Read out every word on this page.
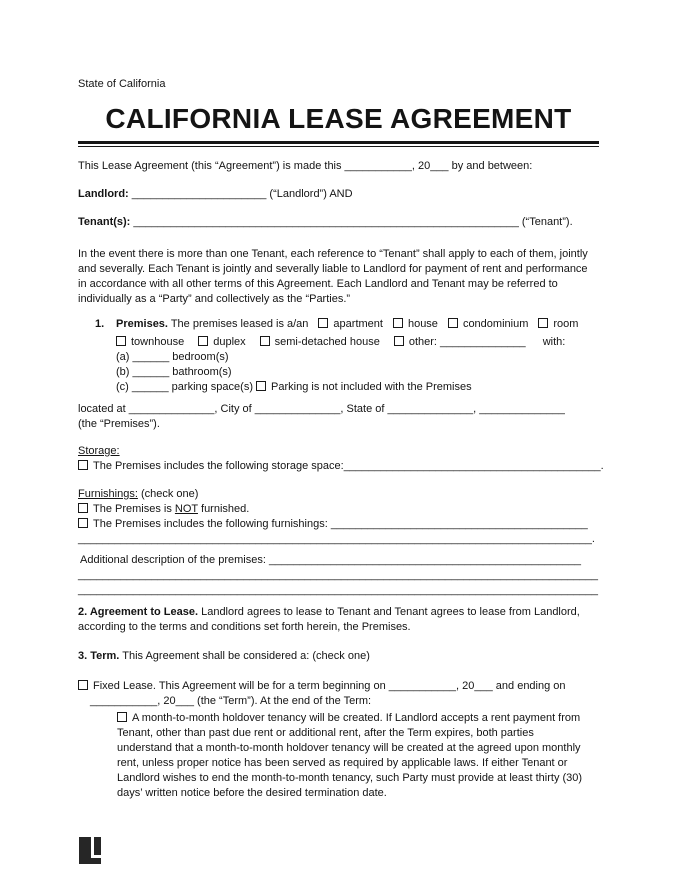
State of California
CALIFORNIA LEASE AGREEMENT
This Lease Agreement (this “Agreement”) is made this ___________, 20___ by and between:
Landlord: ______________________ (“Landlord”) AND
Tenant(s): _______________________________________________________________ (“Tenant”).
In the event there is more than one Tenant, each reference to “Tenant” shall apply to each of them, jointly and severally. Each Tenant is jointly and severally liable to Landlord for payment of rent and performance in accordance with all other terms of this Agreement. Each Landlord and Tenant may be referred to individually as a “Party” and collectively as the “Parties.”
1.	Premises. The premises leased is a/an apartment house condominium room
townhouse	duplex	semi-detached house	other: ______________ with:
(a) ______ bedroom(s)
(b) ______ bathroom(s)
(c) ______ parking space(s) Parking is not included with the Premises
located at ______________, City of ______________, State of ______________, ______________
(the “Premises”).
Storage:
The Premises includes the following storage space:__________________________________________.
Furnishings: (check one)
The Premises is NOT furnished.
The Premises includes the following furnishings: __________________________________________
____________________________________________________________________________________.
Additional description of the premises: ___________________________________________________
_____________________________________________________________________________________
_____________________________________________________________________________________
2. Agreement to Lease. Landlord agrees to lease to Tenant and Tenant agrees to lease from Landlord, according to the terms and conditions set forth herein, the Premises.
3. Term. This Agreement shall be considered a: (check one)
Fixed Lease. This Agreement will be for a term beginning on ___________, 20___ and ending on
___________, 20___ (the “Term”). At the end of the Term:
A month-to-month holdover tenancy will be created. If Landlord accepts a rent payment from
Tenant, other than past due rent or additional rent, after the Term expires, both parties
understand that a month-to-month holdover tenancy will be created at the agreed upon monthly
rent, unless proper notice has been served as required by applicable laws. If either Tenant or
Landlord wishes to end the month-to-month tenancy, such Party must provide at least thirty (30)
days’ written notice before the desired termination date.
